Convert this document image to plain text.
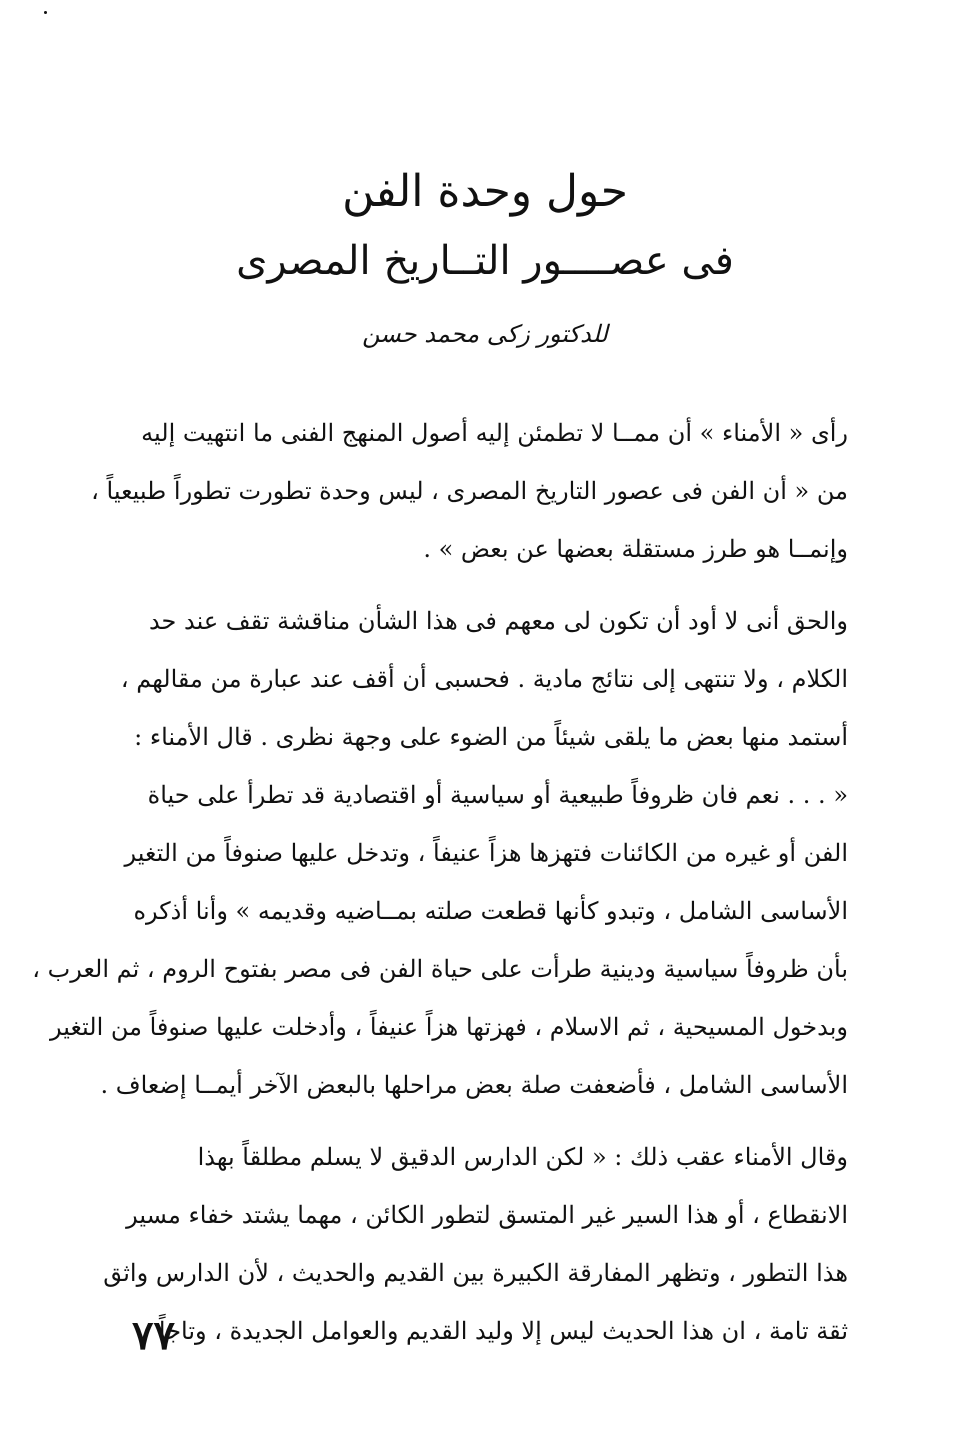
حول وحدة الفن
فى عصــــور التــاريخ المصرى
للدكتور زكى محمد حسن

رأى « الأمناء » أن ممــا لا تطمئن إليه أصول المنهج الفنى ما انتهيت إليه
من « أن الفن فى عصور التاريخ المصرى ، ليس وحدة تطورت تطوراً طبيعياً ،
وإنمــا هو طرز مستقلة بعضها عن بعض » .

والحق أنى لا أود أن تكون لى معهم فى هذا الشأن مناقشة تقف عند حد
الكلام ، ولا تنتهى إلى نتائج مادية . فحسبى أن أقف عند عبارة من مقالهم ،
أستمد منها بعض ما يلقى شيئاً من الضوء على وجهة نظرى . قال الأمناء :
« . . . نعم فان ظروفاً طبيعية أو سياسية أو اقتصادية قد تطرأ على حياة
الفن أو غيره من الكائنات فتهزها هزاً عنيفاً ، وتدخل عليها صنوفاً من التغير
الأساسى الشامل ، وتبدو كأنها قطعت صلته بمــاضيه وقديمه » وأنا أذكره
بأن ظروفاً سياسية ودينية طرأت على حياة الفن فى مصر بفتوح الروم ، ثم العرب ،
وبدخول المسيحية ، ثم الاسلام ، فهزتها هزاً عنيفاً ، وأدخلت عليها صنوفاً من التغير
الأساسى الشامل ، فأضعفت صلة بعض مراحلها بالبعض الآخر أيمــا إضعاف .

وقال الأمناء عقب ذلك : « لكن الدارس الدقيق لا يسلم مطلقاً بهذا
الانقطاع ، أو هذا السير غير المتسق لتطور الكائن ، مهما يشتد خفاء مسير
هذا التطور ، وتظهر المفارقة الكبيرة بين القديم والحديث ، لأن الدارس واثق
ثقة تامة ، ان هذا الحديث ليس إلا وليد القديم والعوامل الجديدة ، وتاجاً

٧٧
